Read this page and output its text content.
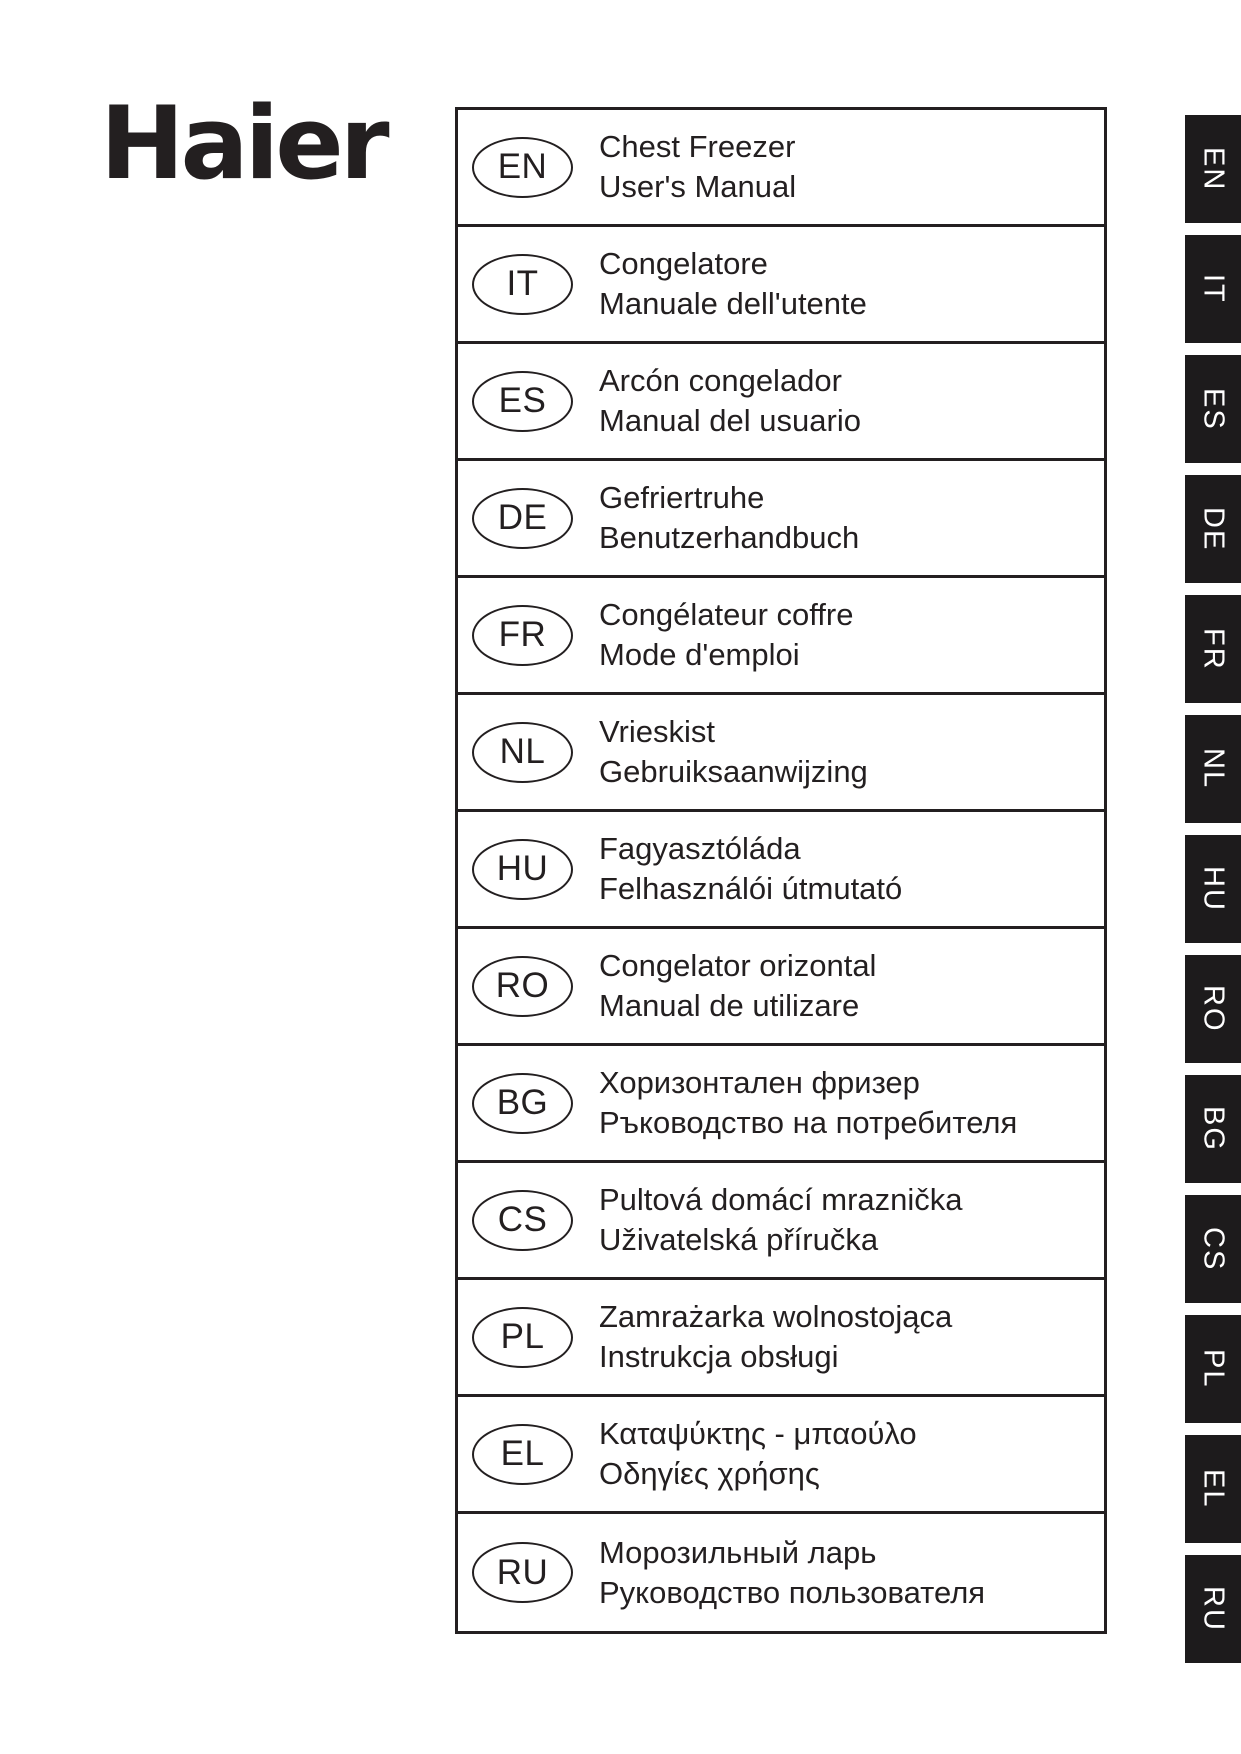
Haier	EN
Chest Freezer
User's Manual
IT
Congelatore
Manuale dell'utente
ES
Arcón congelador
Manual del usuario
DE
Gefriertruhe
Benutzerhandbuch
FR
Congélateur coffre
Mode d'emploi
NL
Vrieskist
Gebruiksaanwijzing
HU
Fagyasztóláda
Felhasználói útmutató
RO
Congelator orizontal
Manual de utilizare
BG
Хоризонтален фризер
Ръководство на потребителя
CS
Pultová domácí mraznička
Uživatelská příručka
PL
Zamrażarka wolnostojąca
Instrukcja obsługi
EL
Καταψύκτης - μπαούλο
Οδηγίες χρήσης
RU
Морозильный ларь
Руководство пользователя
EN
IT
ES
DE
FR
NL
HU
RO
BG
CS
PL
EL
RU
